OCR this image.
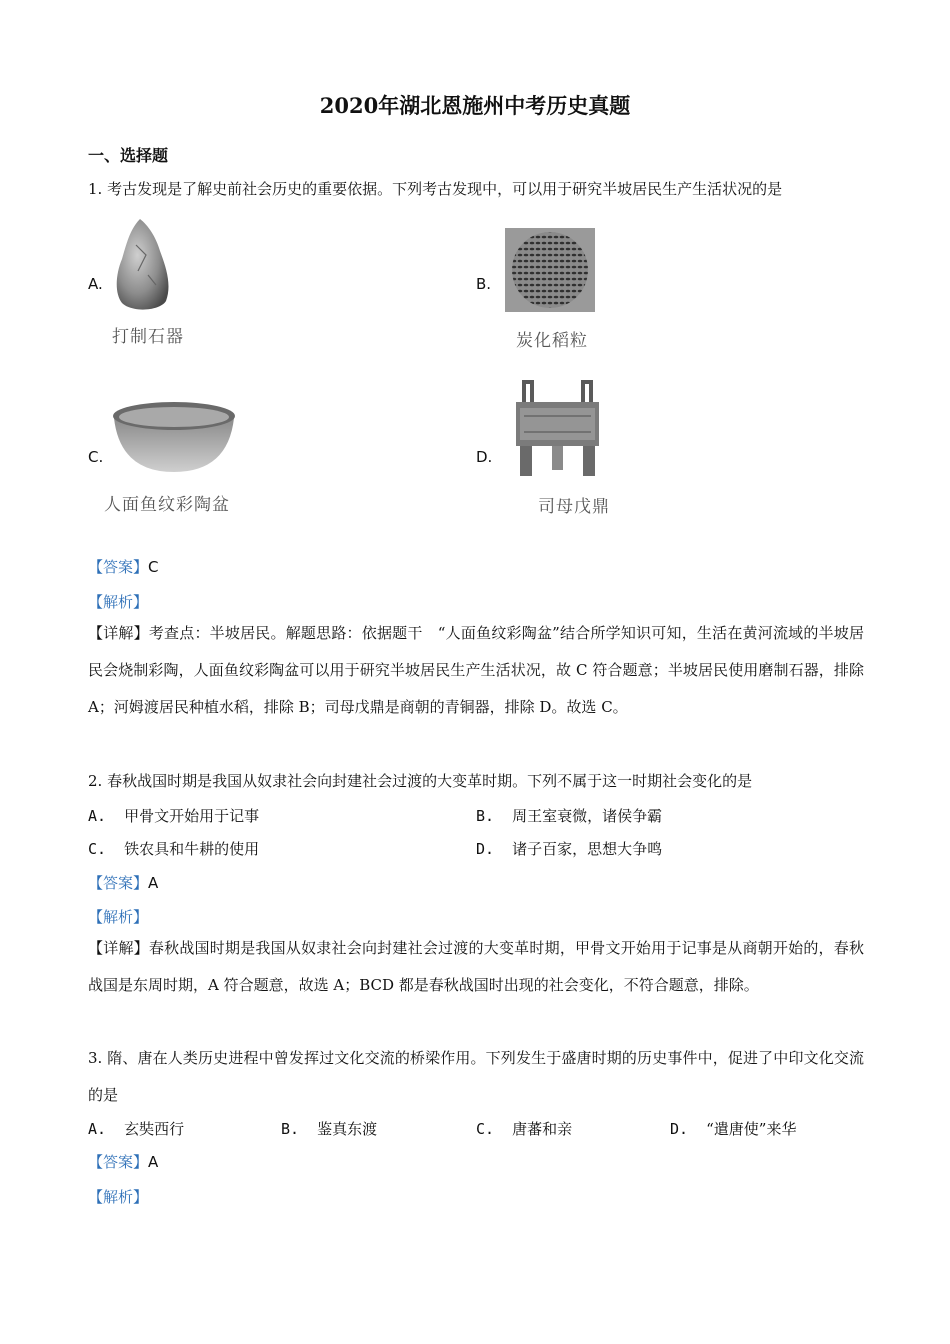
2020年湖北恩施州中考历史真题
一、选择题
1. 考古发现是了解史前社会历史的重要依据。下列考古发现中，可以用于研究半坡居民生产生活状况的是
A.
打制石器
B.
炭化稻粒
C.
人面鱼纹彩陶盆
D.
司母戊鼎
【答案】C
【解析】
【详解】考查点：半坡居民。解题思路：依据题干　“人面鱼纹彩陶盆”结合所学知识可知，生活在黄河流域的半坡居民会烧制彩陶，人面鱼纹彩陶盆可以用于研究半坡居民生产生活状况，故 C 符合题意；半坡居民使用磨制石器，排除 A；河姆渡居民种植水稻，排除 B；司母戊鼎是商朝的青铜器，排除 D。故选 C。
2. 春秋战国时期是我国从奴隶社会向封建社会过渡的大变革时期。下列不属于这一时期社会变化的是
A. 甲骨文开始用于记事	B. 周王室衰微，诸侯争霸
C. 铁农具和牛耕的使用	D. 诸子百家，思想大争鸣
【答案】A
【解析】
【详解】春秋战国时期是我国从奴隶社会向封建社会过渡的大变革时期，甲骨文开始用于记事是从商朝开始的，春秋战国是东周时期，A 符合题意，故选 A；BCD 都是春秋战国时出现的社会变化，不符合题意，排除。
3. 隋、唐在人类历史进程中曾发挥过文化交流的桥梁作用。下列发生于盛唐时期的历史事件中，促进了中印文化交流的是
A. 玄奘西行	B. 鉴真东渡	C. 唐蕃和亲	D. “遣唐使”来华
【答案】A
【解析】
